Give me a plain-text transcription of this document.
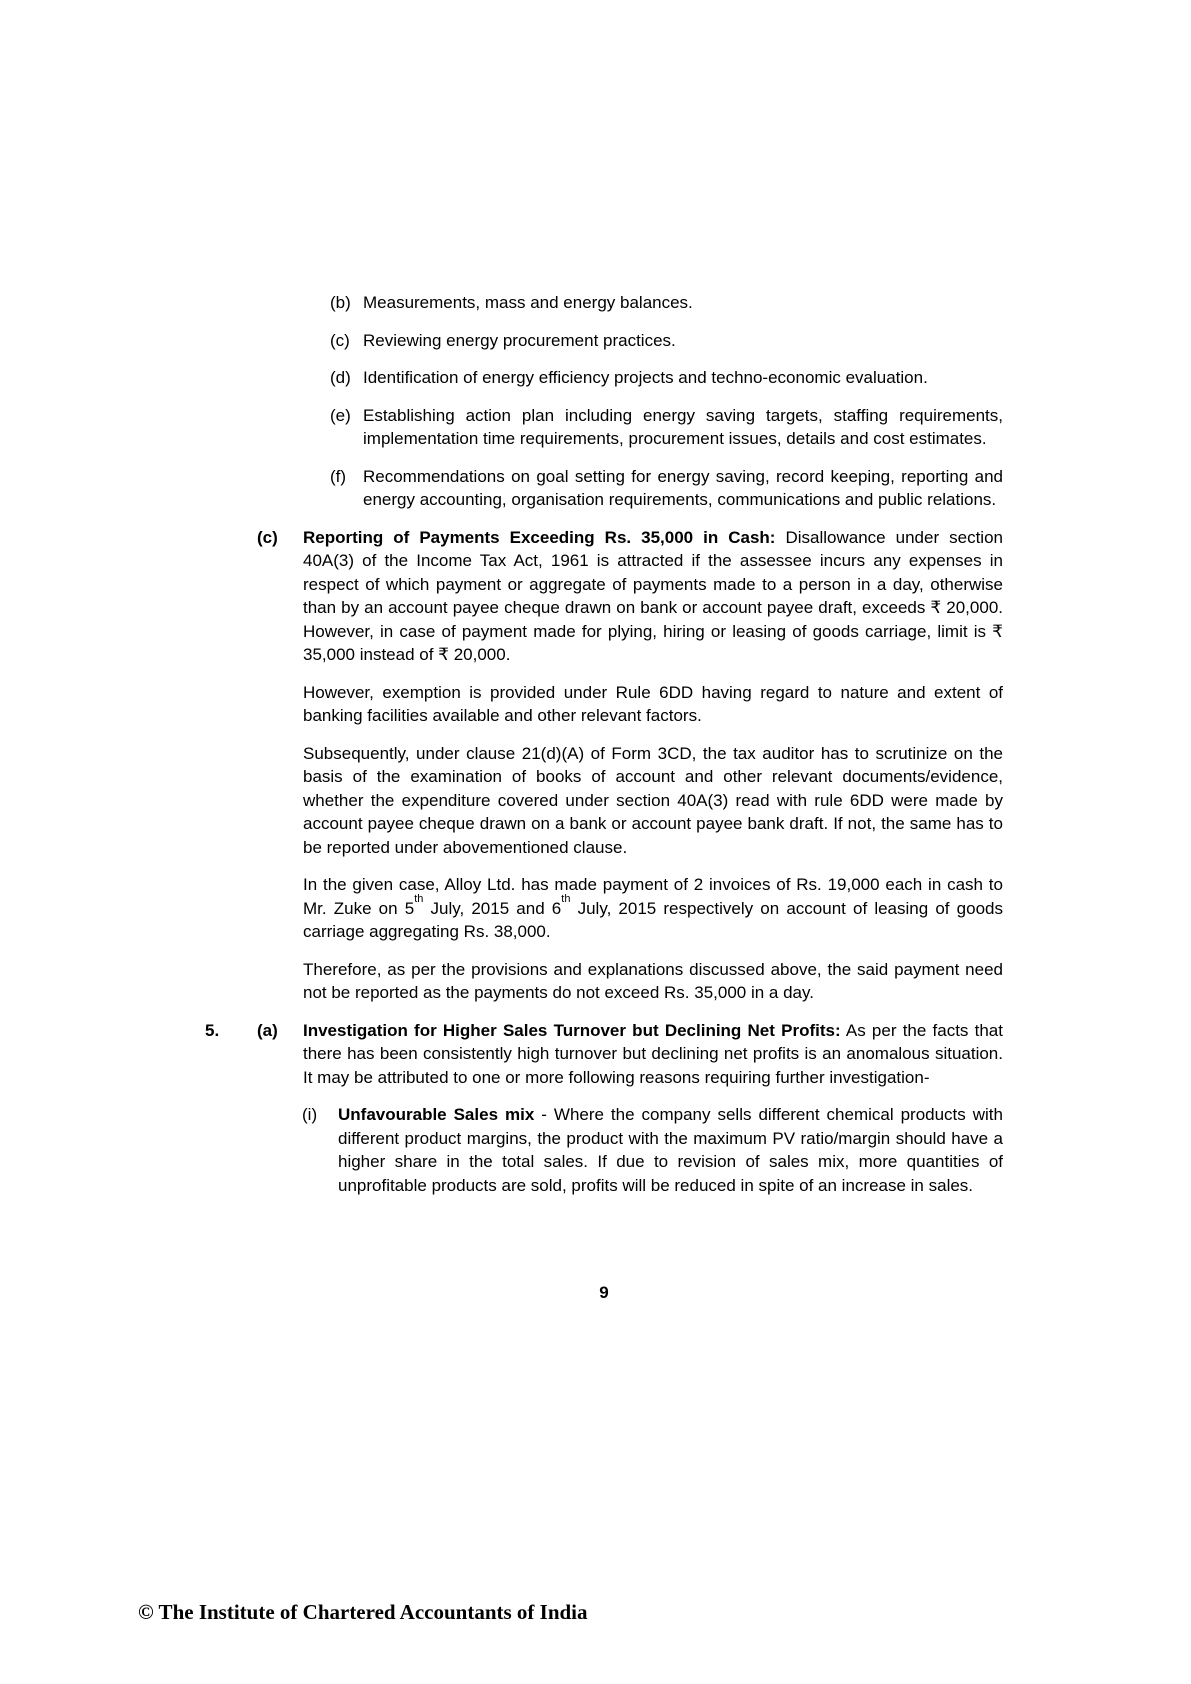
(b) Measurements, mass and energy balances.
(c) Reviewing energy procurement practices.
(d) Identification of energy efficiency projects and techno-economic evaluation.
(e) Establishing action plan including energy saving targets, staffing requirements, implementation time requirements, procurement issues, details and cost estimates.
(f) Recommendations on goal setting for energy saving, record keeping, reporting and energy accounting, organisation requirements, communications and public relations.
(c)	Reporting of Payments Exceeding Rs. 35,000 in Cash: Disallowance under section 40A(3) of the Income Tax Act, 1961 is attracted if the assessee incurs any expenses in respect of which payment or aggregate of payments made to a person in a day, otherwise than by an account payee cheque drawn on bank or account payee draft, exceeds ₹ 20,000. However, in case of payment made for plying, hiring or leasing of goods carriage, limit is ₹ 35,000 instead of ₹ 20,000.

However, exemption is provided under Rule 6DD having regard to nature and extent of banking facilities available and other relevant factors.

Subsequently, under clause 21(d)(A) of Form 3CD, the tax auditor has to scrutinize on the basis of the examination of books of account and other relevant documents/evidence, whether the expenditure covered under section 40A(3) read with rule 6DD were made by account payee cheque drawn on a bank or account payee bank draft. If not, the same has to be reported under abovementioned clause.

In the given case, Alloy Ltd. has made payment of 2 invoices of Rs. 19,000 each in cash to Mr. Zuke on 5th July, 2015 and 6th July, 2015 respectively on account of leasing of goods carriage aggregating Rs. 38,000.

Therefore, as per the provisions and explanations discussed above, the said payment need not be reported as the payments do not exceed Rs. 35,000 in a day.

5.	(a)	Investigation for Higher Sales Turnover but Declining Net Profits: As per the facts that there has been consistently high turnover but declining net profits is an anomalous situation. It may be attributed to one or more following reasons requiring further investigation-
(i)	Unfavourable Sales mix - Where the company sells different chemical products with different product margins, the product with the maximum PV ratio/margin should have a higher share in the total sales. If due to revision of sales mix, more quantities of unprofitable products are sold, profits will be reduced in spite of an increase in sales.
9
© The Institute of Chartered Accountants of India
